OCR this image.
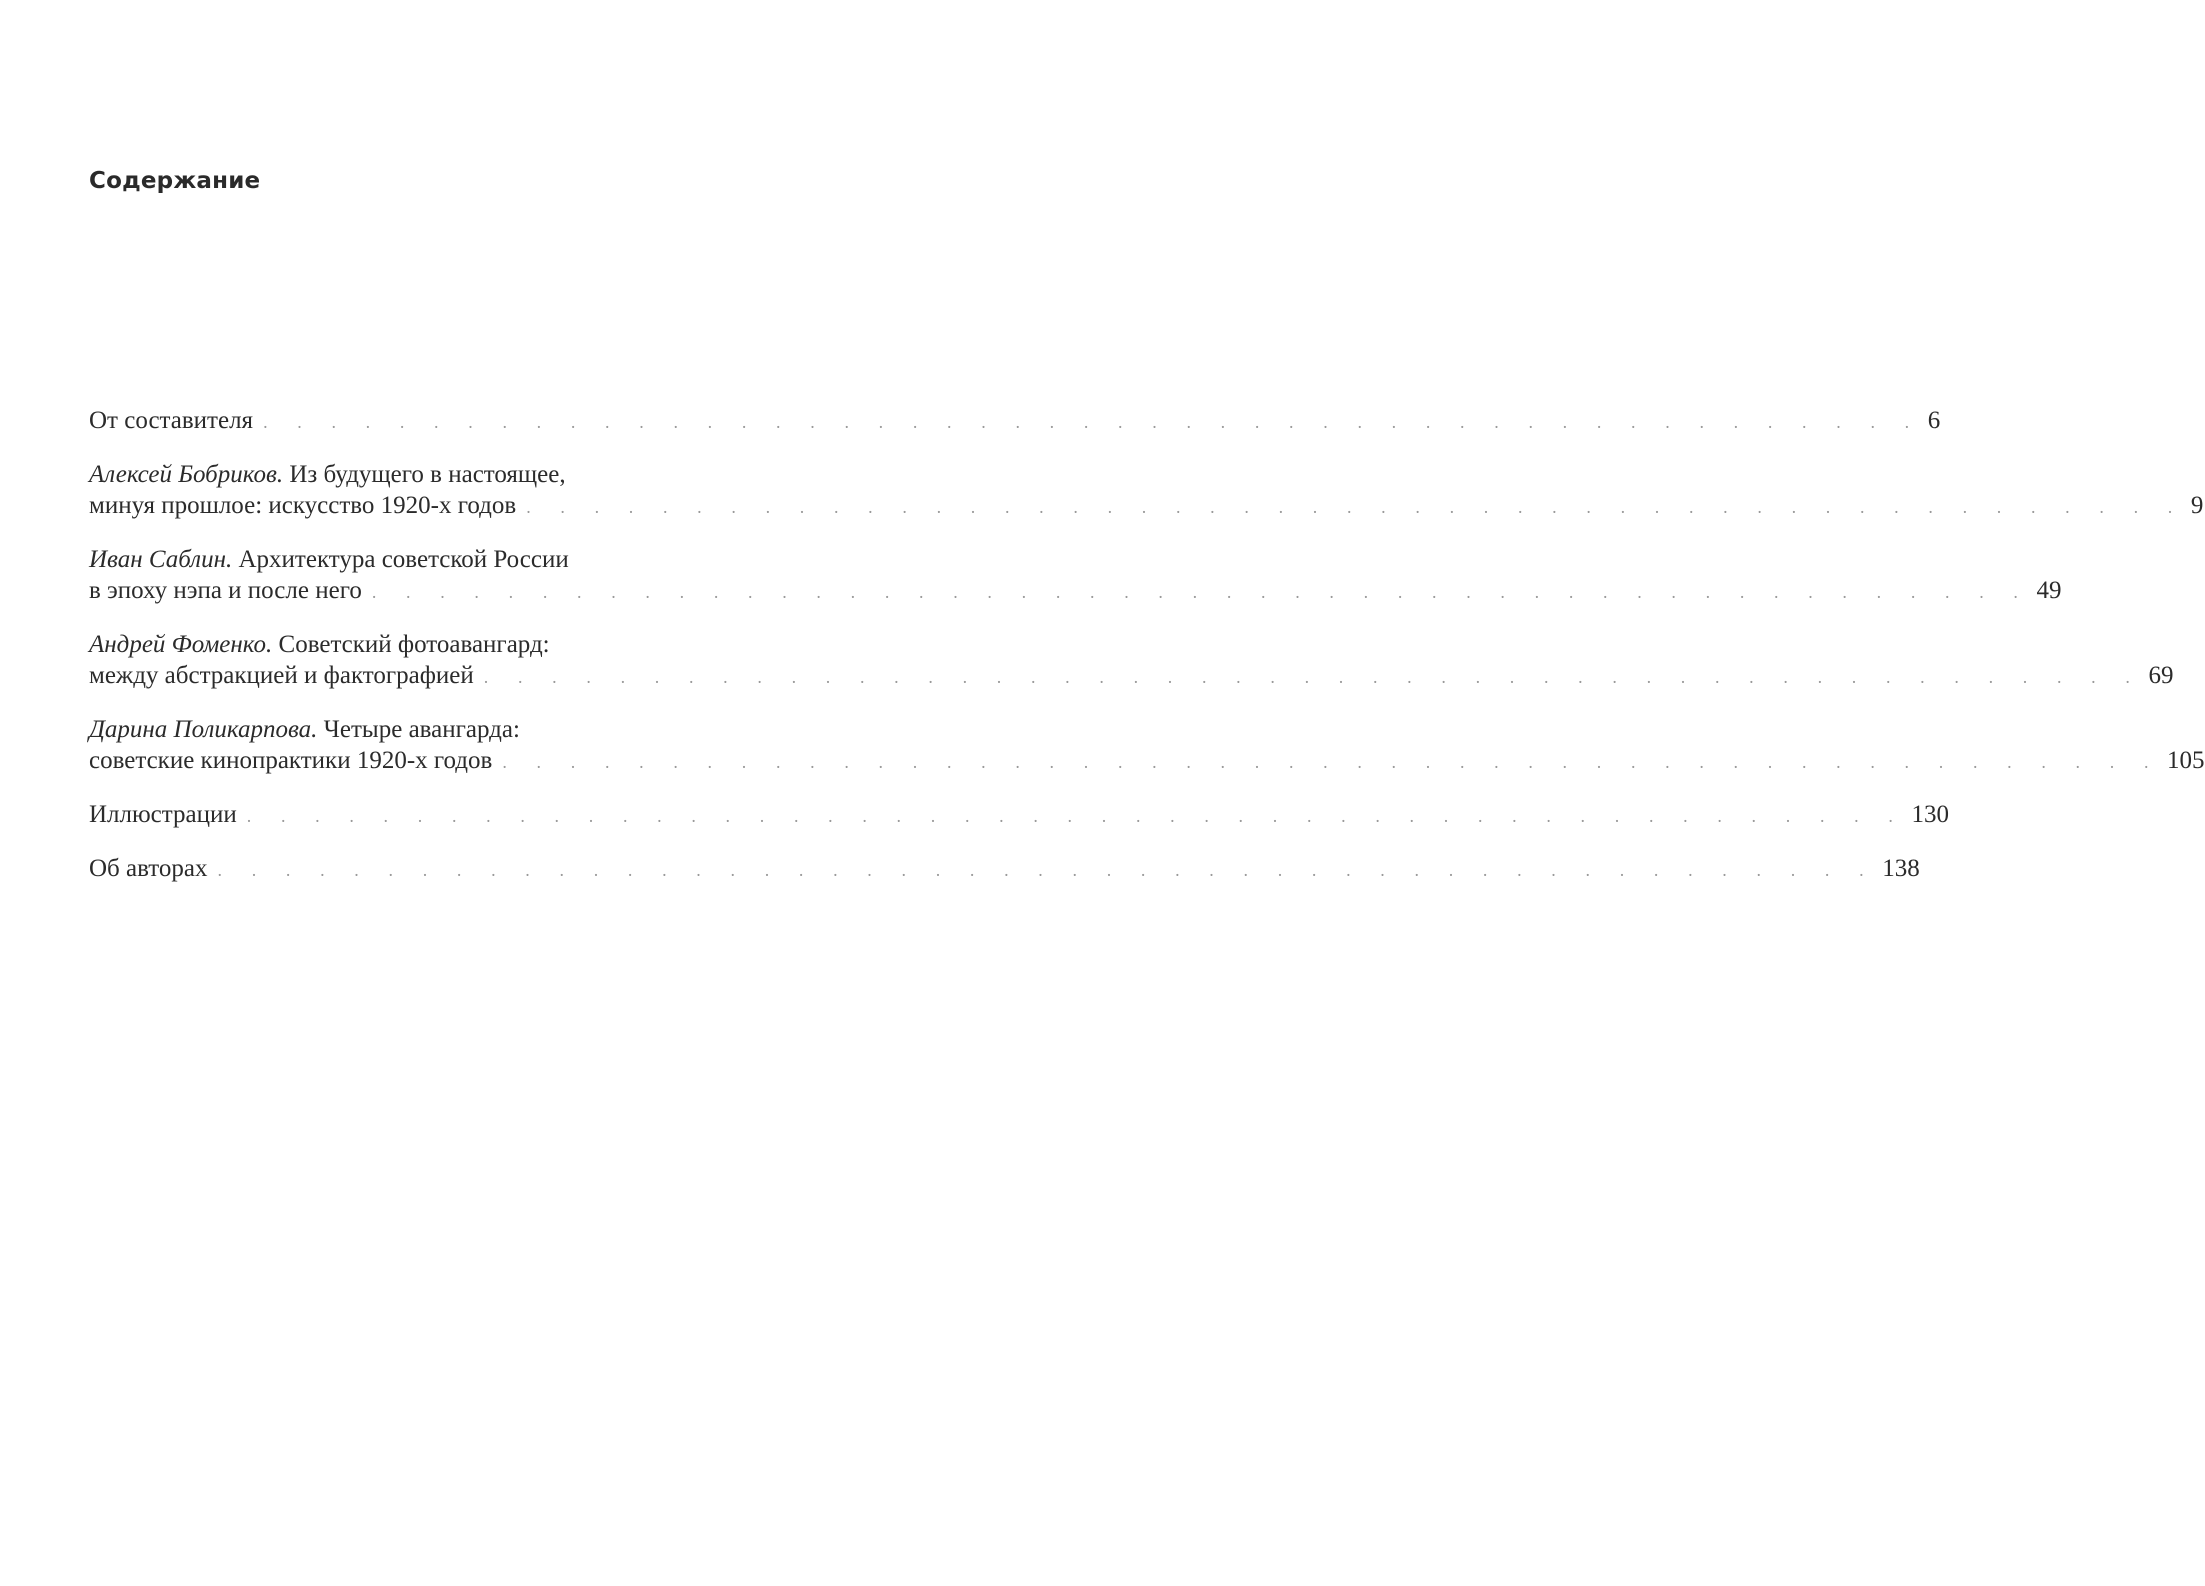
Содержание
От составителя . . . . . . . . . . . . . . . . . . . . . . . . . . . . . . . . . . . . . . . . . . . . . . . . . 6
Алексей Бобриков. Из будущего в настоящее,
минуя прошлое: искусство 1920-х годов . . . . . . . . . . . . . . . . . . . . . . . . . . . . . . . . . . . . . . . . . . . . . . . . . 9
Иван Саблин. Архитектура советской России
в эпоху нэпа и после него . . . . . . . . . . . . . . . . . . . . . . . . . . . . . . . . . . . . . . . . . . . . . . . . . 49
Андрей Фоменко. Советский фотоавангард:
между абстракцией и фактографией . . . . . . . . . . . . . . . . . . . . . . . . . . . . . . . . . . . . . . . . . . . . . . . . . 69
Дарина Поликарпова. Четыре авангарда:
советские кинопрактики 1920-х годов . . . . . . . . . . . . . . . . . . . . . . . . . . . . . . . . . . . . . . . . . . . . . . . . . 105
Иллюстрации . . . . . . . . . . . . . . . . . . . . . . . . . . . . . . . . . . . . . . . . . . . . . . . . . 130
Об авторах . . . . . . . . . . . . . . . . . . . . . . . . . . . . . . . . . . . . . . . . . . . . . . . . . 138
